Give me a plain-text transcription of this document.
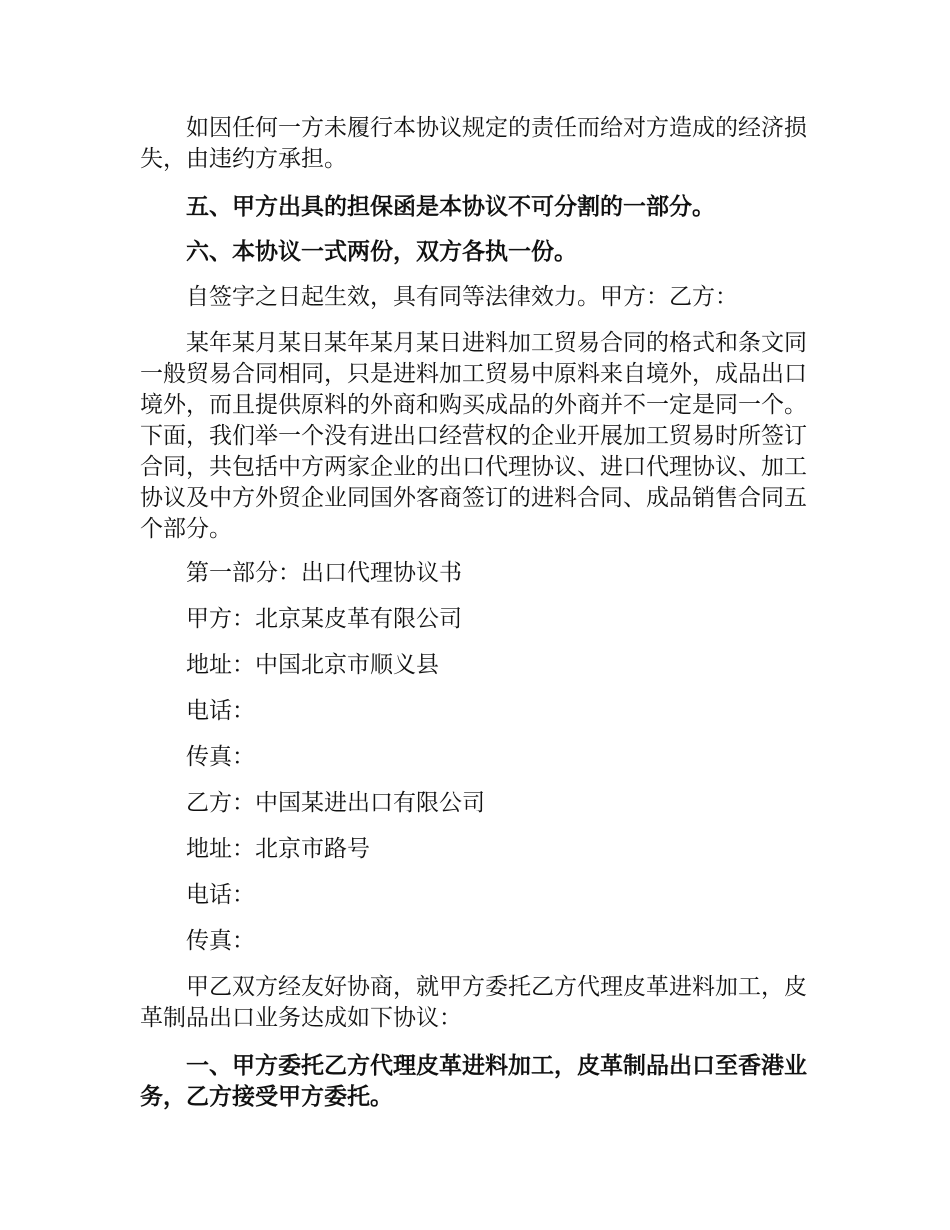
如因任何一方未履行本协议规定的责任而给对方造成的经济损失，由违约方承担。

五、甲方出具的担保函是本协议不可分割的一部分。

六、本协议一式两份，双方各执一份。

自签字之日起生效，具有同等法律效力。甲方：乙方：

某年某月某日某年某月某日进料加工贸易合同的格式和条文同一般贸易合同相同，只是进料加工贸易中原料来自境外，成品出口境外，而且提供原料的外商和购买成品的外商并不一定是同一个。下面，我们举一个没有进出口经营权的企业开展加工贸易时所签订合同，共包括中方两家企业的出口代理协议、进口代理协议、加工协议及中方外贸企业同国外客商签订的进料合同、成品销售合同五个部分。

第一部分：出口代理协议书

甲方：北京某皮革有限公司

地址：中国北京市顺义县

电话：

传真：

乙方：中国某进出口有限公司

地址：北京市路号

电话：

传真：

甲乙双方经友好协商，就甲方委托乙方代理皮革进料加工，皮革制品出口业务达成如下协议：

一、甲方委托乙方代理皮革进料加工，皮革制品出口至香港业务，乙方接受甲方委托。
